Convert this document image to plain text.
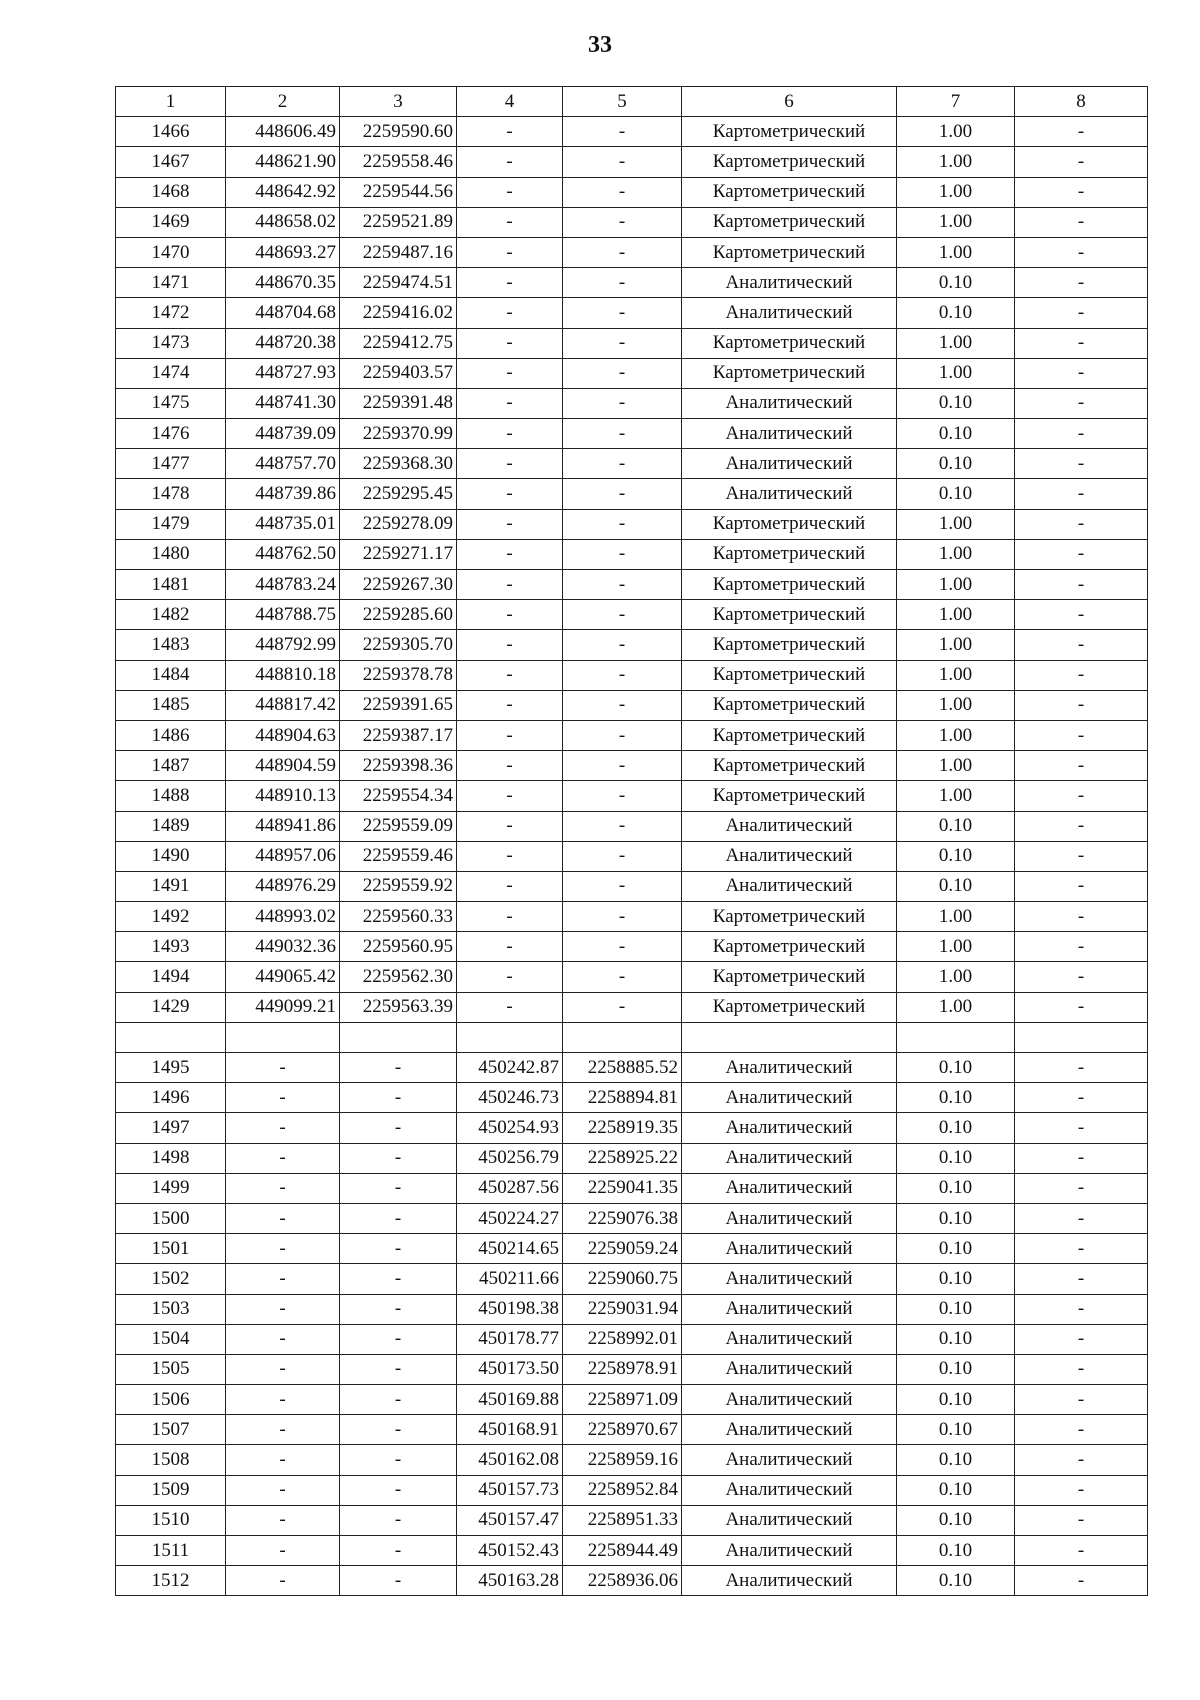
33
1	2	3	4	5	6	7	8
1466	448606.49	2259590.60	-	-	Картометрический	1.00	-
1467	448621.90	2259558.46	-	-	Картометрический	1.00	-
1468	448642.92	2259544.56	-	-	Картометрический	1.00	-
1469	448658.02	2259521.89	-	-	Картометрический	1.00	-
1470	448693.27	2259487.16	-	-	Картометрический	1.00	-
1471	448670.35	2259474.51	-	-	Аналитический	0.10	-
1472	448704.68	2259416.02	-	-	Аналитический	0.10	-
1473	448720.38	2259412.75	-	-	Картометрический	1.00	-
1474	448727.93	2259403.57	-	-	Картометрический	1.00	-
1475	448741.30	2259391.48	-	-	Аналитический	0.10	-
1476	448739.09	2259370.99	-	-	Аналитический	0.10	-
1477	448757.70	2259368.30	-	-	Аналитический	0.10	-
1478	448739.86	2259295.45	-	-	Аналитический	0.10	-
1479	448735.01	2259278.09	-	-	Картометрический	1.00	-
1480	448762.50	2259271.17	-	-	Картометрический	1.00	-
1481	448783.24	2259267.30	-	-	Картометрический	1.00	-
1482	448788.75	2259285.60	-	-	Картометрический	1.00	-
1483	448792.99	2259305.70	-	-	Картометрический	1.00	-
1484	448810.18	2259378.78	-	-	Картометрический	1.00	-
1485	448817.42	2259391.65	-	-	Картометрический	1.00	-
1486	448904.63	2259387.17	-	-	Картометрический	1.00	-
1487	448904.59	2259398.36	-	-	Картометрический	1.00	-
1488	448910.13	2259554.34	-	-	Картометрический	1.00	-
1489	448941.86	2259559.09	-	-	Аналитический	0.10	-
1490	448957.06	2259559.46	-	-	Аналитический	0.10	-
1491	448976.29	2259559.92	-	-	Аналитический	0.10	-
1492	448993.02	2259560.33	-	-	Картометрический	1.00	-
1493	449032.36	2259560.95	-	-	Картометрический	1.00	-
1494	449065.42	2259562.30	-	-	Картометрический	1.00	-
1429	449099.21	2259563.39	-	-	Картометрический	1.00	-

1495	-	-	450242.87	2258885.52	Аналитический	0.10	-
1496	-	-	450246.73	2258894.81	Аналитический	0.10	-
1497	-	-	450254.93	2258919.35	Аналитический	0.10	-
1498	-	-	450256.79	2258925.22	Аналитический	0.10	-
1499	-	-	450287.56	2259041.35	Аналитический	0.10	-
1500	-	-	450224.27	2259076.38	Аналитический	0.10	-
1501	-	-	450214.65	2259059.24	Аналитический	0.10	-
1502	-	-	450211.66	2259060.75	Аналитический	0.10	-
1503	-	-	450198.38	2259031.94	Аналитический	0.10	-
1504	-	-	450178.77	2258992.01	Аналитический	0.10	-
1505	-	-	450173.50	2258978.91	Аналитический	0.10	-
1506	-	-	450169.88	2258971.09	Аналитический	0.10	-
1507	-	-	450168.91	2258970.67	Аналитический	0.10	-
1508	-	-	450162.08	2258959.16	Аналитический	0.10	-
1509	-	-	450157.73	2258952.84	Аналитический	0.10	-
1510	-	-	450157.47	2258951.33	Аналитический	0.10	-
1511	-	-	450152.43	2258944.49	Аналитический	0.10	-
1512	-	-	450163.28	2258936.06	Аналитический	0.10	-
